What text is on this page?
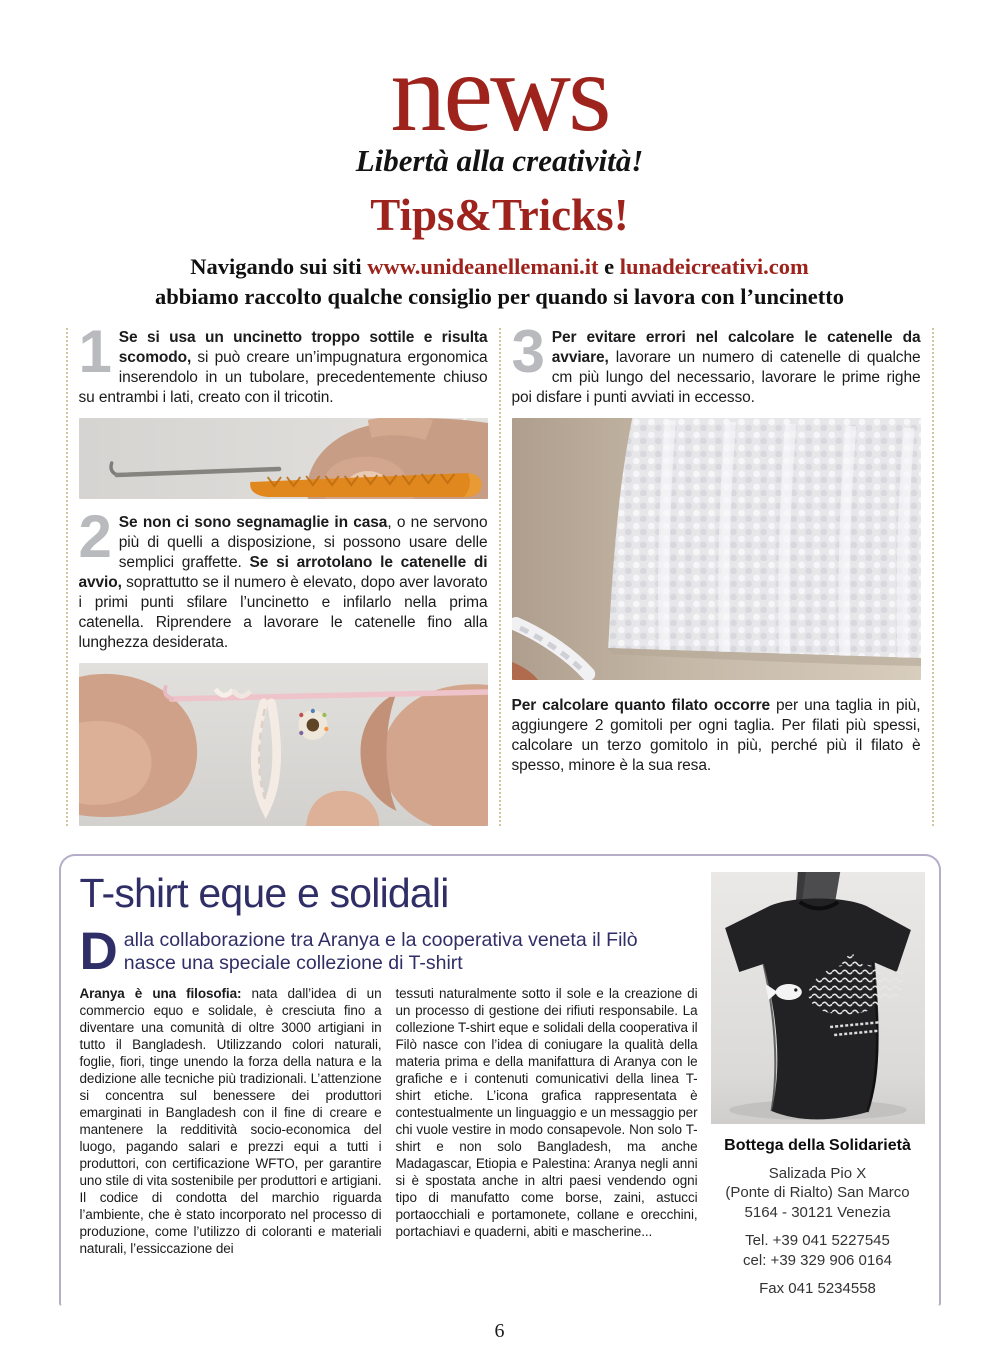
news
Libertà alla creatività!
Tips&Tricks!
Navigando sui siti www.unideanellemani.it e lunadeicreativi.com
abbiamo raccolto qualche consiglio per quando si lavora con l’uncinetto
1 Se si usa un uncinetto troppo sottile e risulta scomodo, si può creare un’impugnatura ergonomica inserendolo in un tubolare, precedentemente chiuso su entrambi i lati, creato con il tricotin.
2 Se non ci sono segnamaglie in casa, o ne servono più di quelli a disposizione, si possono usare delle semplici graffette. Se si arrotolano le catenelle di avvio, soprattutto se il numero è elevato, dopo aver lavorato i primi punti sfilare l’uncinetto e infilarlo nella prima catenella. Riprendere a lavorare le catenelle fino alla lunghezza desiderata.
3 Per evitare errori nel calcolare le catenelle da avviare, lavorare un numero di catenelle di qualche cm più lungo del necessario, lavorare le prime righe poi disfare i punti avviati in eccesso.
Per calcolare quanto filato occorre per una taglia in più, aggiungere 2 gomitoli per ogni taglia. Per filati più spessi, calcolare un terzo gomitolo in più, perché più il filato è spesso, minore è la sua resa.
T-shirt eque e solidali
D alla collaborazione tra Aranya e la cooperativa veneta il Filò
nasce una speciale collezione di T-shirt
Aranya è una filosofia: nata dall’idea di un commercio equo e solidale, è cresciuta fino a diventare una comunità di oltre 3000 artigiani in tutto il Bangladesh. Utilizzando colori naturali, foglie, fiori, tinge unendo la forza della natura e la dedizione alle tecniche più tradizionali. L’attenzione si concentra sul benessere dei produttori emarginati in Bangladesh con il fine di creare e mantenere la redditività socio-economica del luogo, pagando salari e prezzi equi a tutti i produttori, con certificazione WFTO, per garantire uno stile di vita sostenibile per produttori e artigiani. Il codice di condotta del marchio riguarda l’ambiente, che è stato incorporato nel processo di produzione, come l’utilizzo di coloranti e materiali naturali, l’essiccazione dei
tessuti naturalmente sotto il sole e la creazione di un processo di gestione dei rifiuti responsabile. La collezione T-shirt eque e solidali della cooperativa il Filò nasce con l’idea di coniugare la qualità della materia prima e della manifattura di Aranya con le grafiche e i contenuti comunicativi della linea T-shirt etiche. L’icona grafica rappresentata è contestualmente un linguaggio e un messaggio per chi vuole vestire in modo consapevole. Non solo T-shirt e non solo Bangladesh, ma anche Madagascar, Etiopia e Palestina: Aranya negli anni si è spostata anche in altri paesi vendendo ogni tipo di manufatto come borse, zaini, astucci portaocchiali e portamonete, collane e orecchini, portachiavi e quaderni, abiti e mascherine...
Bottega della Solidarietà
Salizada Pio X
(Ponte di Rialto) San Marco
5164 - 30121 Venezia
Tel. +39 041 5227545
cel: +39 329 906 0164
Fax 041 5234558
6
